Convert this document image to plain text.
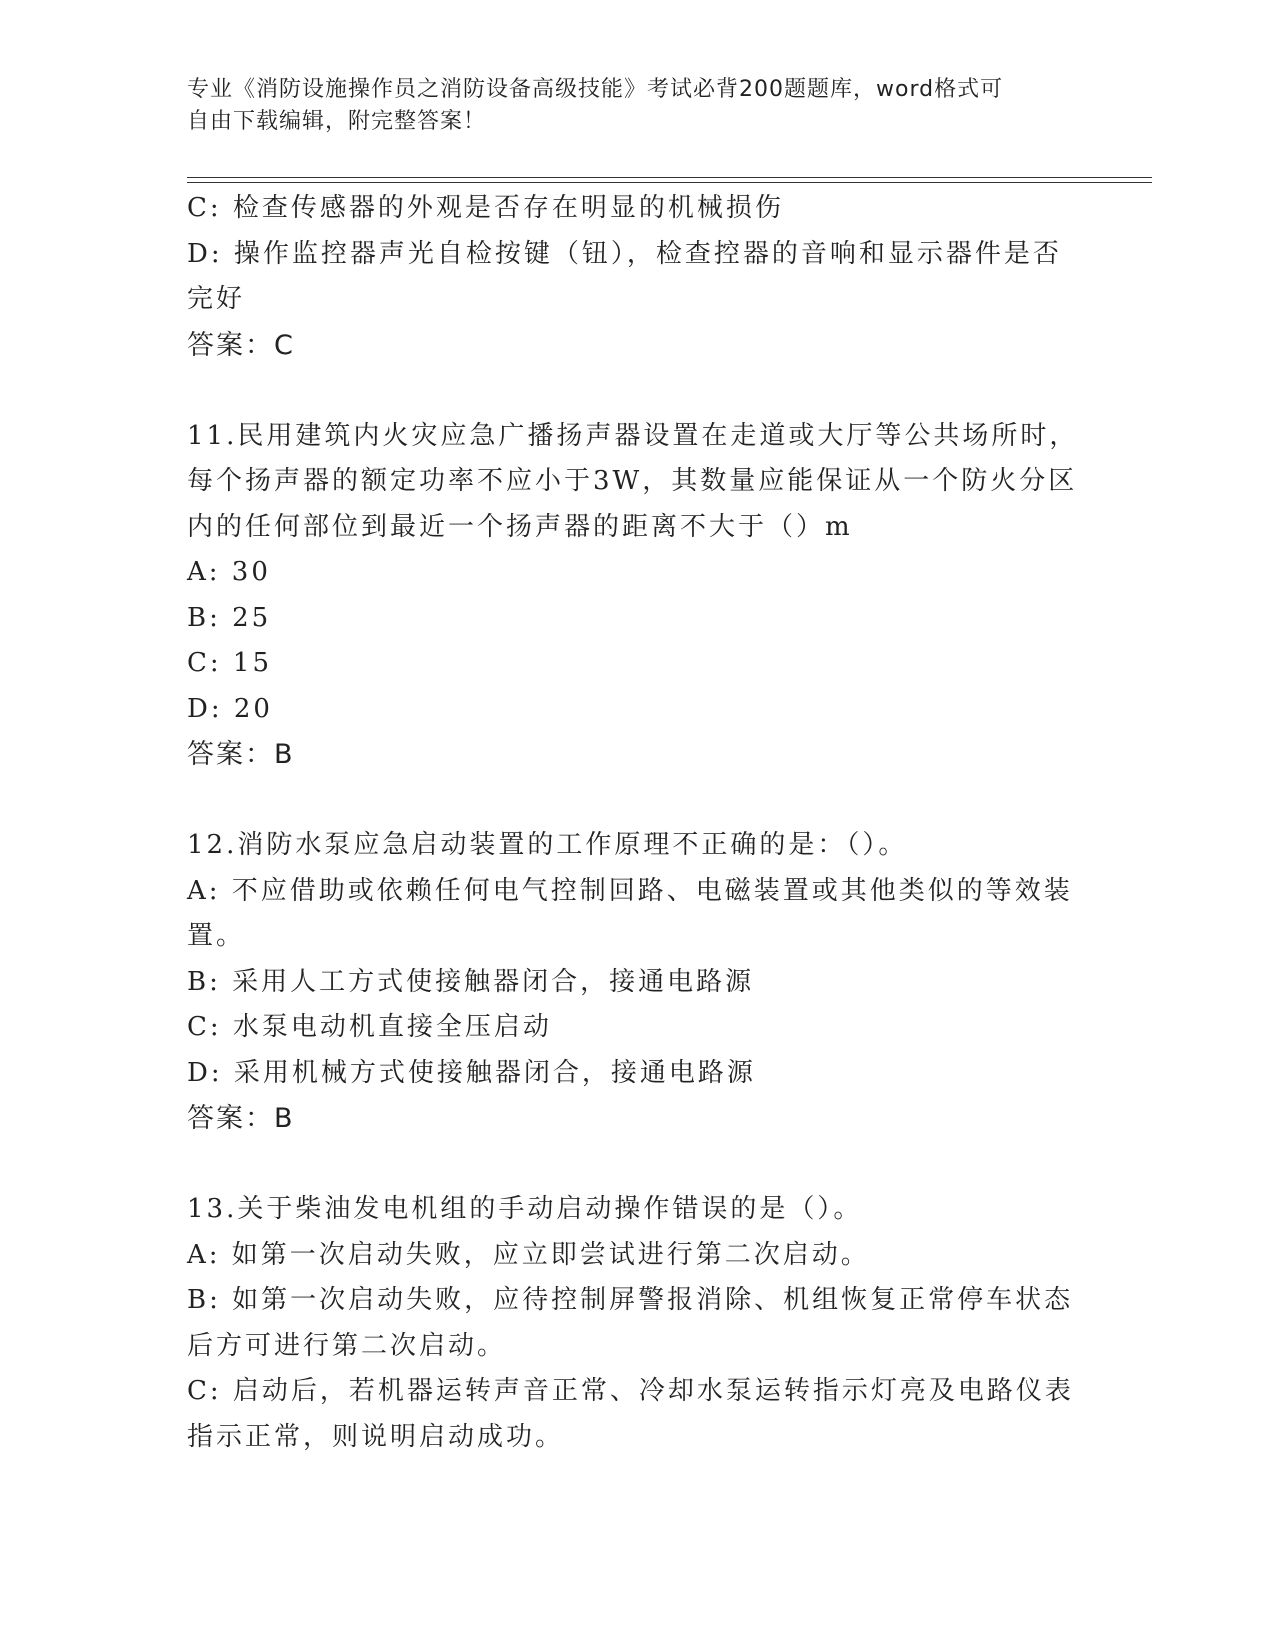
专业《消防设施操作员之消防设备高级技能》考试必背200题题库，word格式可
自由下载编辑，附完整答案！
C: 检查传感器的外观是否存在明显的机械损伤
D: 操作监控器声光自检按键（钮），检查控器的音响和显示器件是否
完好
答案：C
11.民用建筑内火灾应急广播扬声器设置在走道或大厅等公共场所时，
每个扬声器的额定功率不应小于3W，其数量应能保证从一个防火分区
内的任何部位到最近一个扬声器的距离不大于（）m
A: 30
B: 25
C: 15
D: 20
答案：B
12.消防水泵应急启动装置的工作原理不正确的是：（）。
A: 不应借助或依赖任何电气控制回路、电磁装置或其他类似的等效装
置。
B: 采用人工方式使接触器闭合，接通电路源
C: 水泵电动机直接全压启动
D: 采用机械方式使接触器闭合，接通电路源
答案：B
13.关于柴油发电机组的手动启动操作错误的是（）。
A: 如第一次启动失败，应立即尝试进行第二次启动。
B: 如第一次启动失败，应待控制屏警报消除、机组恢复正常停车状态
后方可进行第二次启动。
C: 启动后，若机器运转声音正常、冷却水泵运转指示灯亮及电路仪表
指示正常，则说明启动成功。
